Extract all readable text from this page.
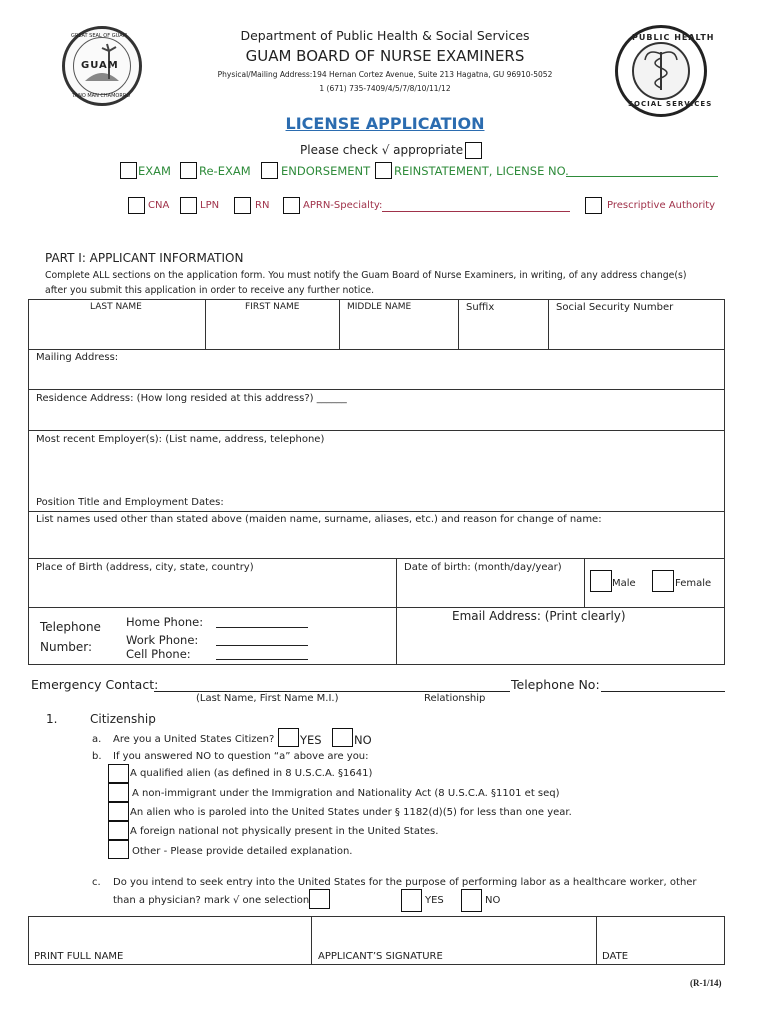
GUAM
GREAT SEAL OF GUAM
TANO MAN CHAMORRO
PUBLIC HEALTH
SOCIAL SERVICES
Department of Public Health & Social Services
GUAM BOARD OF NURSE EXAMINERS
Physical/Mailing Address:194 Hernan Cortez Avenue, Suite 213 Hagatna, GU 96910-5052
1 (671) 735-7409/4/5/7/8/10/11/12
LICENSE APPLICATION
Please check √ appropriate
EXAM Re-EXAM	ENDORSEMENT REINSTATEMENT, LICENSE NO.
CNA	LPN	RN	APRN-Specialty:	Prescriptive Authority
PART I: APPLICANT INFORMATION
Complete ALL sections on the application form. You must notify the Guam Board of Nurse Examiners, in writing, of any address change(s)
after you submit this application in order to receive any further notice.
LAST NAME	FIRST NAME	MIDDLE NAME	Suffix	Social Security Number
Mailing Address:
Residence Address: (How long resided at this address?) ______
Most recent Employer(s): (List name, address, telephone)
Position Title and Employment Dates:
List names used other than stated above (maiden name, surname, aliases, etc.) and reason for change of name:
Place of Birth (address, city, state, country)	Date of birth: (month/day/year)
Male	Female
Telephone
Number:
Home Phone:
Work Phone:
Cell Phone:
Email Address: (Print clearly)
Emergency Contact:	Telephone No:
(Last Name, First Name M.I.)	Relationship
1.	Citizenship
a. Are you a United States Citizen? YES	NO
b. If you answered NO to question “a” above are you:
A qualified alien (as defined in 8 U.S.C.A. §1641)
A non-immigrant under the Immigration and Nationality Act (8 U.S.C.A. §1101 et seq)
An alien who is paroled into the United States under § 1182(d)(5) for less than one year.
A foreign national not physically present in the United States.
Other - Please provide detailed explanation.
c. Do you intend to seek entry into the United States for the purpose of performing labor as a healthcare worker, other
than a physician? mark √ one selection	YES	NO
PRINT FULL NAME	APPLICANT’S SIGNATURE	DATE
(R-1/14)
